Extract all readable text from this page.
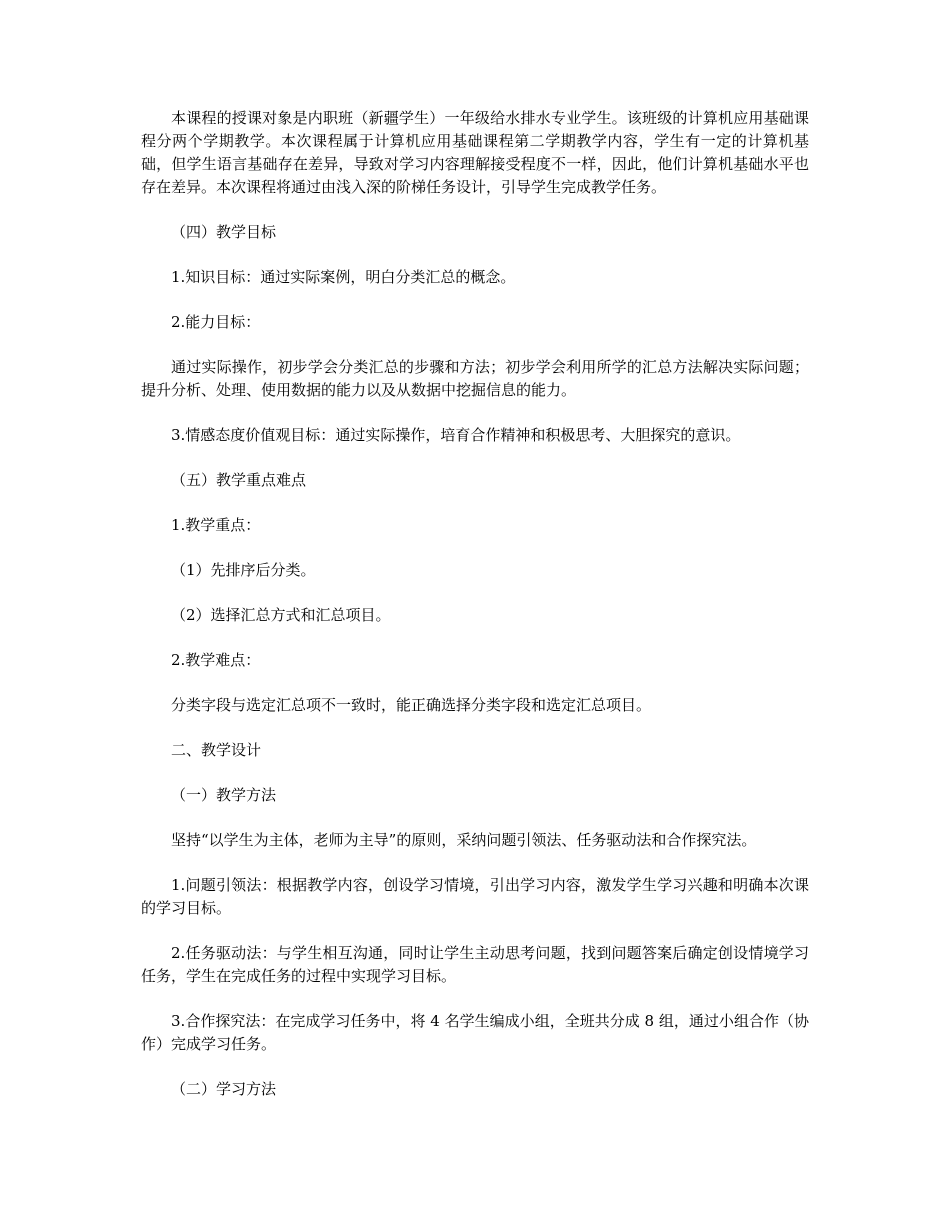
本课程的授课对象是内职班（新疆学生）一年级给水排水专业学生。该班级的计算机应用基础课程分两个学期教学。本次课程属于计算机应用基础课程第二学期教学内容，学生有一定的计算机基础，但学生语言基础存在差异，导致对学习内容理解接受程度不一样，因此，他们计算机基础水平也存在差异。本次课程将通过由浅入深的阶梯任务设计，引导学生完成教学任务。

（四）教学目标

1.知识目标：通过实际案例，明白分类汇总的概念。

2.能力目标：

通过实际操作，初步学会分类汇总的步骤和方法；初步学会利用所学的汇总方法解决实际问题；提升分析、处理、使用数据的能力以及从数据中挖掘信息的能力。

3.情感态度价值观目标：通过实际操作，培育合作精神和积极思考、大胆探究的意识。

（五）教学重点难点

1.教学重点：

（1）先排序后分类。

（2）选择汇总方式和汇总项目。

2.教学难点：

分类字段与选定汇总项不一致时，能正确选择分类字段和选定汇总项目。

二、教学设计

（一）教学方法

坚持“以学生为主体，老师为主导”的原则，采纳问题引领法、任务驱动法和合作探究法。

1.问题引领法：根据教学内容，创设学习情境，引出学习内容，激发学生学习兴趣和明确本次课的学习目标。

2.任务驱动法：与学生相互沟通，同时让学生主动思考问题，找到问题答案后确定创设情境学习任务，学生在完成任务的过程中实现学习目标。

3.合作探究法：在完成学习任务中，将 4 名学生编成小组，全班共分成 8 组，通过小组合作（协作）完成学习任务。

（二）学习方法
